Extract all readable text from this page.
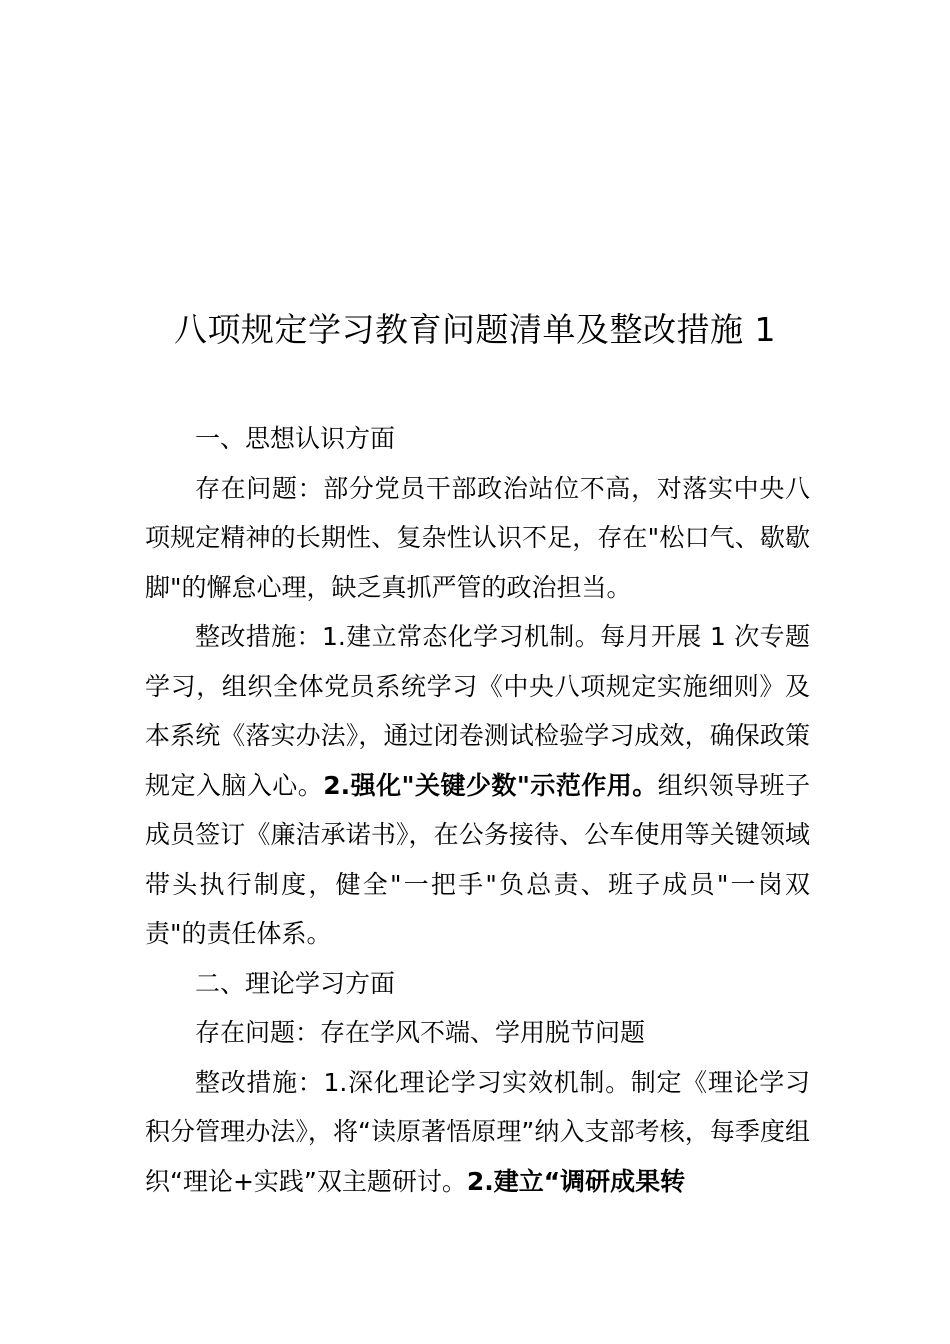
八项规定学习教育问题清单及整改措施 1

一、思想认识方面

存在问题：部分党员干部政治站位不高，对落实中央八项规定精神的长期性、复杂性认识不足，存在"松口气、歇歇脚"的懈怠心理，缺乏真抓严管的政治担当。

整改措施：1.建立常态化学习机制。每月开展 1 次专题学习，组织全体党员系统学习《中央八项规定实施细则》及本系统《落实办法》，通过闭卷测试检验学习成效，确保政策规定入脑入心。2.强化"关键少数"示范作用。组织领导班子成员签订《廉洁承诺书》，在公务接待、公车使用等关键领域带头执行制度，健全"一把手"负总责、班子成员"一岗双责"的责任体系。

二、理论学习方面

存在问题：存在学风不端、学用脱节问题

整改措施：1.深化理论学习实效机制。制定《理论学习积分管理办法》，将“读原著悟原理”纳入支部考核，每季度组织“理论+实践”双主题研讨。2.建立“调研成果转
